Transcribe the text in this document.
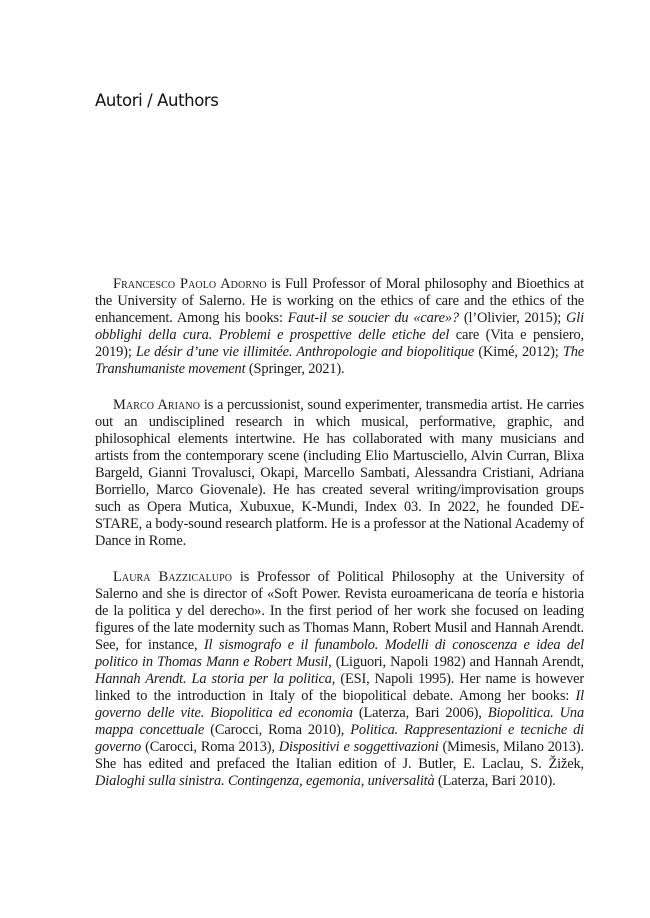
Autori / Authors

Francesco Paolo Adorno is Full Professor of Moral philosophy and Bioethics at the University of Salerno. He is working on the ethics of care and the ethics of the enhancement. Among his books: Faut-il se soucier du «care»? (l’Olivier, 2015); Gli obblighi della cura. Problemi e prospettive delle etiche del care (Vita e pensiero, 2019); Le désir d’une vie illimitée. Anthropologie and biopolitique (Kimé, 2012); The Transhumaniste movement (Springer, 2021).

Marco Ariano is a percussionist, sound experimenter, transmedia artist. He carries out an undisciplined research in which musical, performative, graphic, and philosophical elements intertwine. He has collaborated with many musicians and artists from the contemporary scene (including Elio Martusciello, Alvin Curran, Blixa Bargeld, Gianni Trovalusci, Okapi, Marcello Sambati, Alessandra Cristiani, Adriana Borriello, Marco Giovenale). He has created several writing/improvisation groups such as Opera Mutica, Xubuxue, K-Mundi, Index 03. In 2022, he founded DE-STARE, a body-sound research platform. He is a professor at the National Academy of Dance in Rome.

Laura Bazzicalupo is Professor of Political Philosophy at the University of Salerno and she is director of «Soft Power. Revista euroamericana de teoría e historia de la politica y del derecho». In the first period of her work she focused on leading figures of the late modernity such as Thomas Mann, Robert Musil and Hannah Arendt. See, for instance, Il sismografo e il funambolo. Modelli di conoscenza e idea del politico in Thomas Mann e Robert Musil, (Liguori, Napoli 1982) and Hannah Arendt, Hannah Arendt. La storia per la politica, (ESI, Napoli 1995). Her name is however linked to the introduction in Italy of the biopolitical debate. Among her books: Il governo delle vite. Biopolitica ed economia (Laterza, Bari 2006), Biopolitica. Una mappa concettuale (Carocci, Roma 2010), Politica. Rappresentazioni e tecniche di governo (Carocci, Roma 2013), Dispositivi e soggettivazioni (Mimesis, Milano 2013). She has edited and prefaced the Italian edition of J. Butler, E. Laclau, S. Žižek, Dialoghi sulla sinistra. Contingenza, egemonia, universalità (Laterza, Bari 2010).
